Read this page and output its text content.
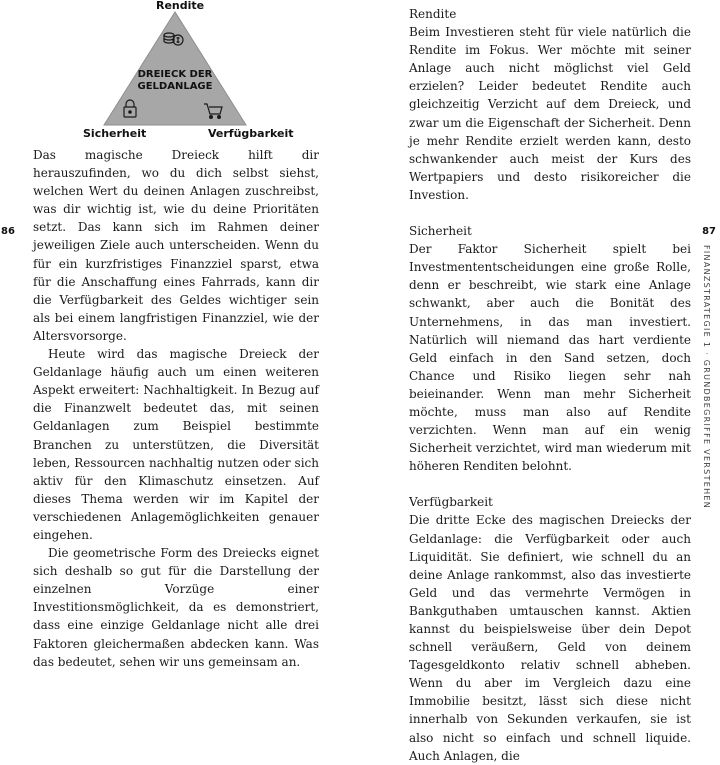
Rendite
DREIECK DER
GELDANLAGE
Sicherheit	Verfügbarkeit

Das magische Dreieck hilft dir herauszufinden, wo du dich selbst siehst, welchen Wert du deinen Anlagen zuschreibst, was dir wichtig ist, wie du deine Prioritäten setzt. Das kann sich im Rahmen deiner jeweiligen Ziele auch unterscheiden. Wenn du für ein kurzfristiges Finanzziel sparst, etwa für die Anschaffung eines Fahrrads, kann dir die Verfügbarkeit des Geldes wichtiger sein als bei einem langfristigen Finanzziel, wie der Altersvorsorge.

Heute wird das magische Dreieck der Geldanlage häufig auch um einen weiteren Aspekt erweitert: Nachhaltigkeit. In Bezug auf die Finanzwelt bedeutet das, mit seinen Geldanlagen zum Beispiel bestimmte Branchen zu unterstützen, die Diversität leben, Ressourcen nachhaltig nutzen oder sich aktiv für den Klimaschutz einsetzen. Auf dieses Thema werden wir im Kapitel der verschiedenen Anlagemöglichkeiten genauer eingehen.

Die geometrische Form des Dreiecks eignet sich deshalb so gut für die Darstellung der einzelnen Vorzüge einer Investitionsmöglichkeit, da es demonstriert, dass eine einzige Geldanlage nicht alle drei Faktoren gleichermaßen abdecken kann. Was das bedeutet, sehen wir uns gemeinsam an.

86
Rendite

Beim Investieren steht für viele natürlich die Rendite im Fokus. Wer möchte mit seiner Anlage auch nicht möglichst viel Geld erzielen? Leider bedeutet Rendite auch gleichzeitig Verzicht auf dem Dreieck, und zwar um die Eigenschaft der Sicherheit. Denn je mehr Rendite erzielt werden kann, desto schwankender auch meist der Kurs des Wertpapiers und desto risikoreicher die Investion.

Sicherheit

Der Faktor Sicherheit spielt bei Investmententscheidungen eine große Rolle, denn er beschreibt, wie stark eine Anlage schwankt, aber auch die Bonität des Unternehmens, in das man investiert. Natürlich will niemand das hart verdiente Geld einfach in den Sand setzen, doch Chance und Risiko liegen sehr nah beieinander. Wenn man mehr Sicherheit möchte, muss man also auf Rendite verzichten. Wenn man auf ein wenig Sicherheit verzichtet, wird man wiederum mit höheren Renditen belohnt.

Verfügbarkeit

Die dritte Ecke des magischen Dreiecks der Geldanlage: die Verfügbarkeit oder auch Liquidität. Sie definiert, wie schnell du an deine Anlage rankommst, also das investierte Geld und das vermehrte Vermögen in Bankguthaben umtauschen kannst. Aktien kannst du beispielsweise über dein Depot schnell veräußern, Geld von deinem Tagesgeldkonto relativ schnell abheben. Wenn du aber im Vergleich dazu eine Immobilie besitzt, lässt sich diese nicht innerhalb von Sekunden verkaufen, sie ist also nicht so einfach und schnell liquide. Auch Anlagen, die

87
FINANZSTRATEGIE 1 · GRUNDBEGRIFFE VERSTEHEN
